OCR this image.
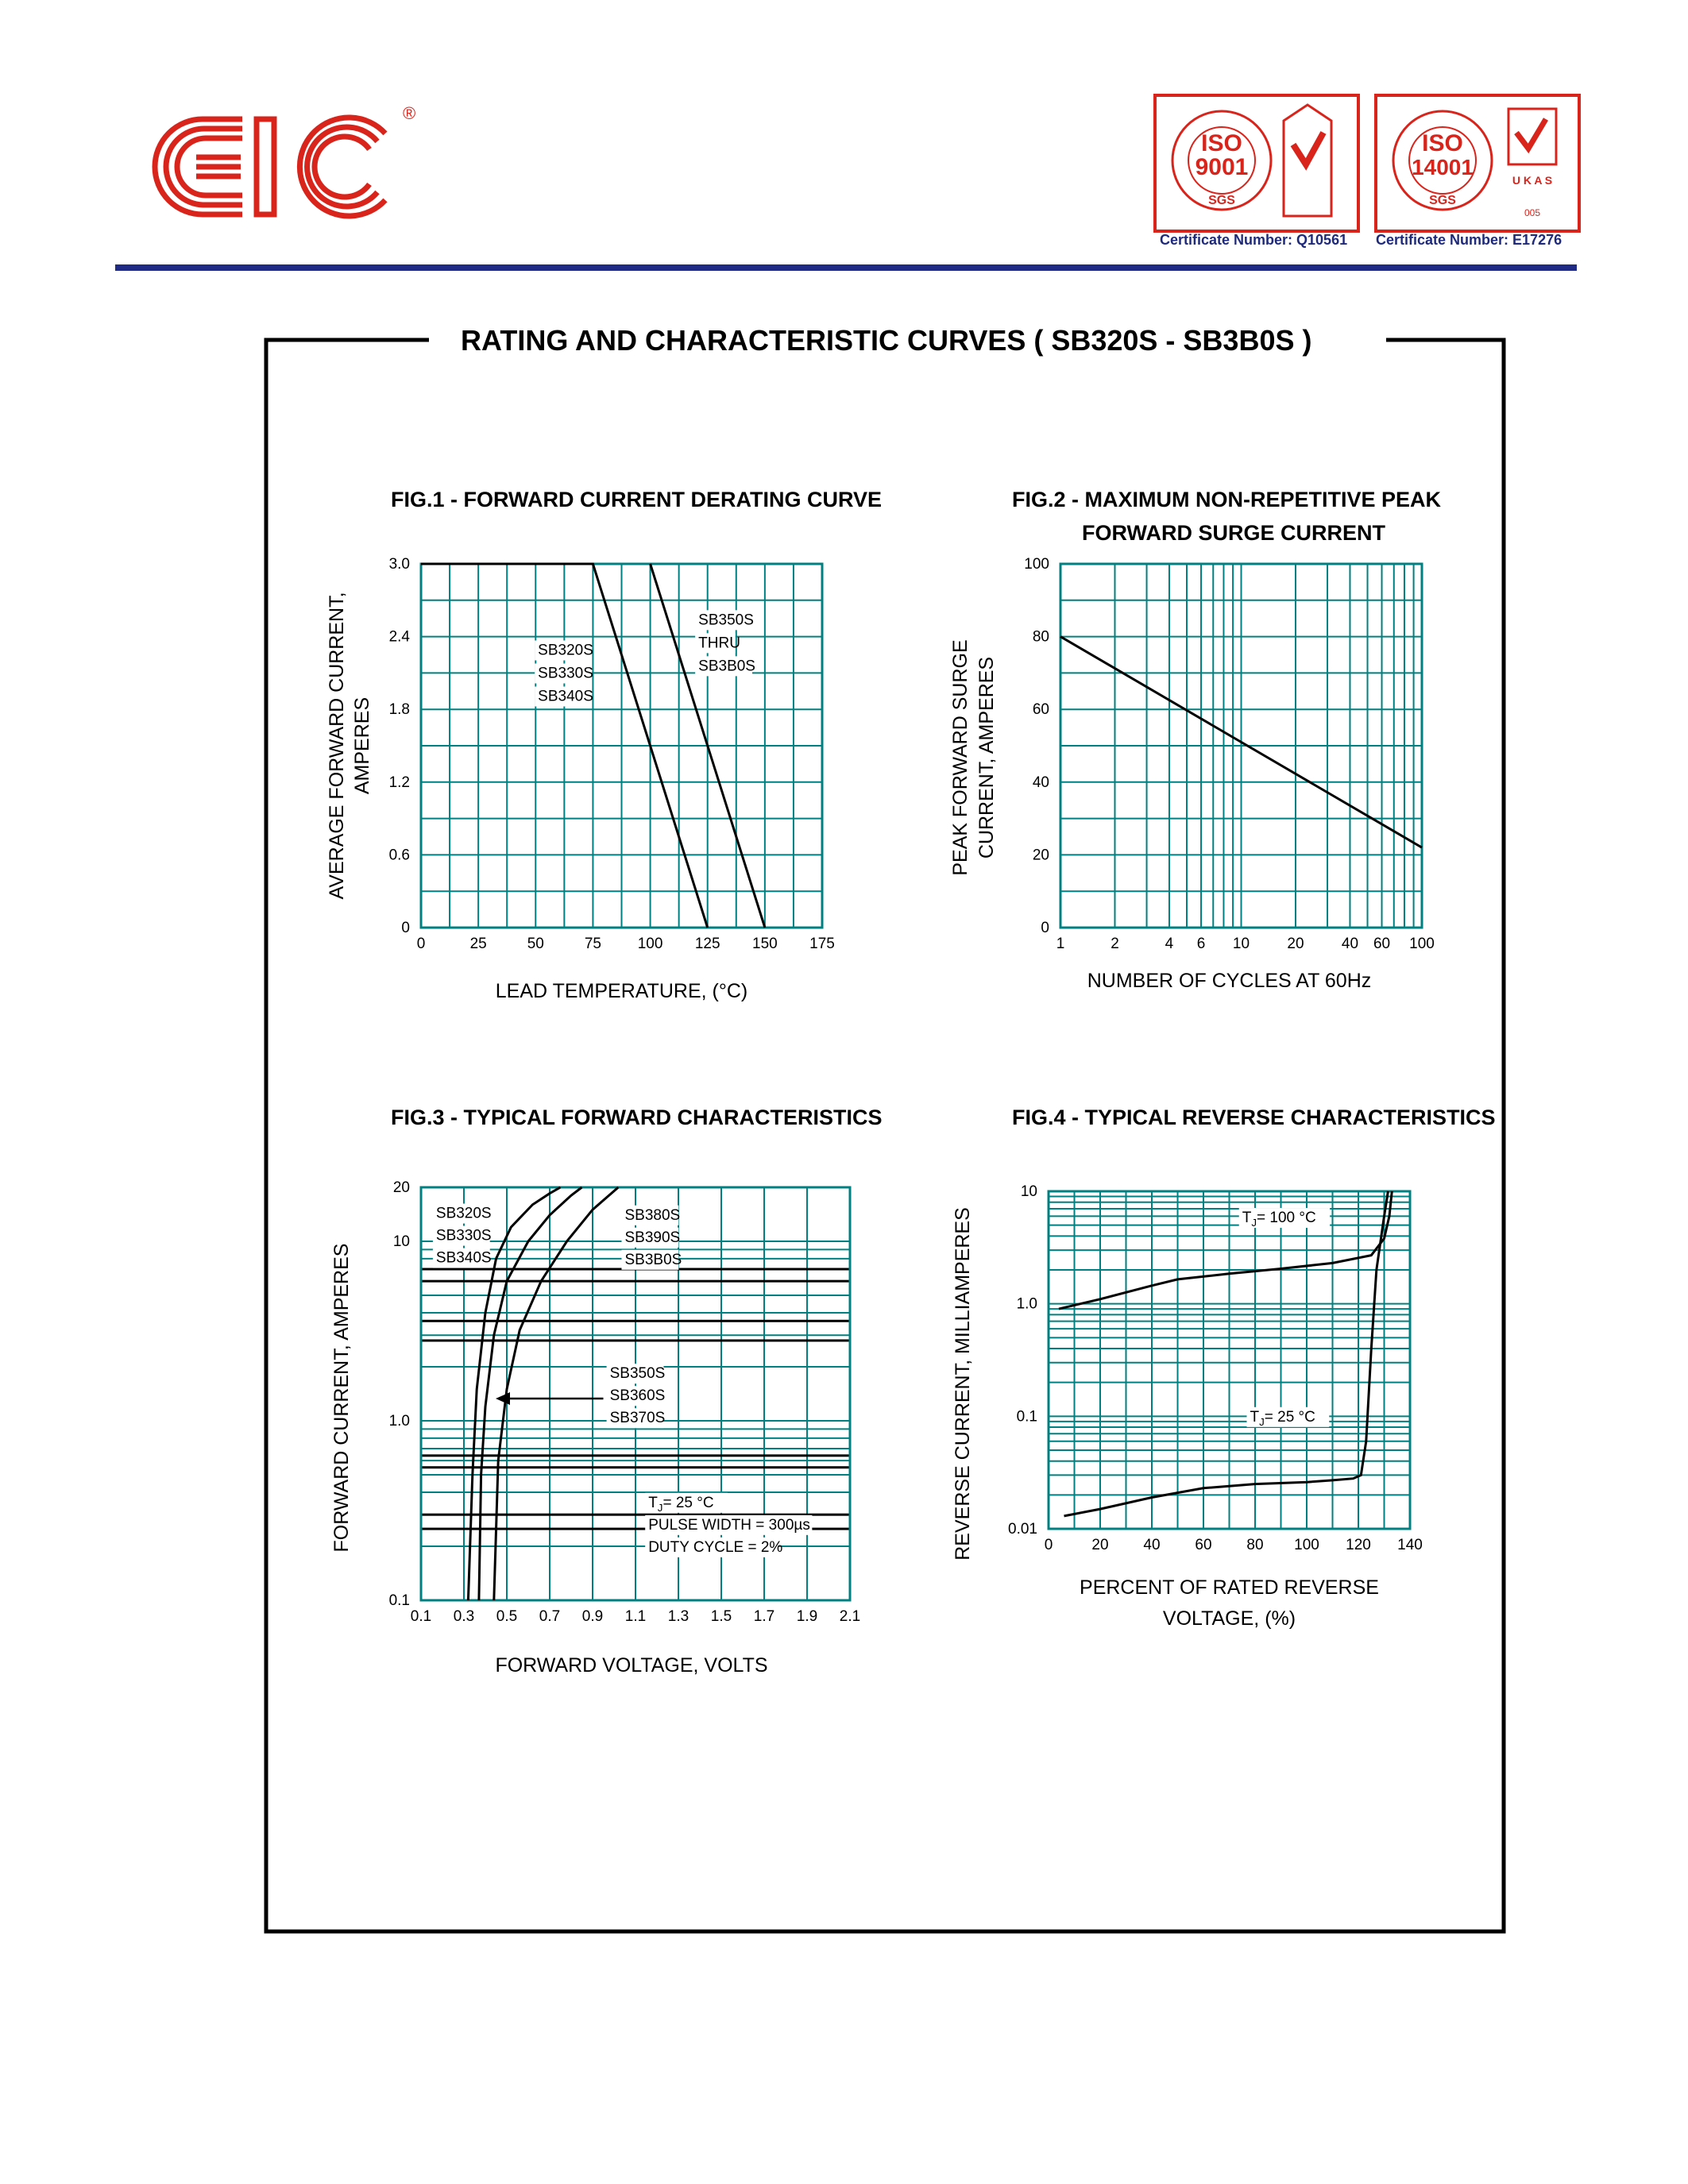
®
ISO
9001
SGS
Certificate Number: Q10561
ISO
14001
SGS
U K A S
005
Certificate Number: E17276
RATING AND CHARACTERISTIC CURVES ( SB320S - SB3B0S )
FIG.1 - FORWARD CURRENT DERATING CURVE	FIG.2 - MAXIMUM NON-REPETITIVE PEAK
FORWARD SURGE CURRENT
FIG.3 - TYPICAL FORWARD CHARACTERISTICS	FIG.4 - TYPICAL REVERSE CHARACTERISTICS
0	25	50	75 100 125 150 175
0
0.6
1.2
1.8
2.4
3.0
SB320S
SB330S
SB340S
SB350S
THRU
SB3B0S
LEAD TEMPERATURE, (°C)
AVERAGE FORWARD CURRENT, AMPERES
1	2	4 6 10 20 40 60 100
0
20
40
60
80
100
NUMBER OF CYCLES AT 60Hz
PEAK FORWARD SURGE CURRENT, AMPERES
0.1 0.3 0.5 0.7 0.9 1.1 1.3 1.5 1.7 1.9 2.1
0.1
1.0
10
20
SB320S
SB330S
SB340S
SB380S
SB390S
SB3B0S
SB350S
SB360S
SB370S
$T_J= 25$ °C
PULSE WIDTH = 300µs
DUTY CYCLE = 2%
FORWARD VOLTAGE, VOLTS
FORWARD CURRENT, AMPERES	0	20 40 60 80 100 120 140
0.01
0.1
1.0
10
$T_J= 100$ °C
$T_J= 25$ °C
PERCENT OF RATED REVERSE
VOLTAGE, (%)
REVERSE CURRENT, MILLIAMPERES
